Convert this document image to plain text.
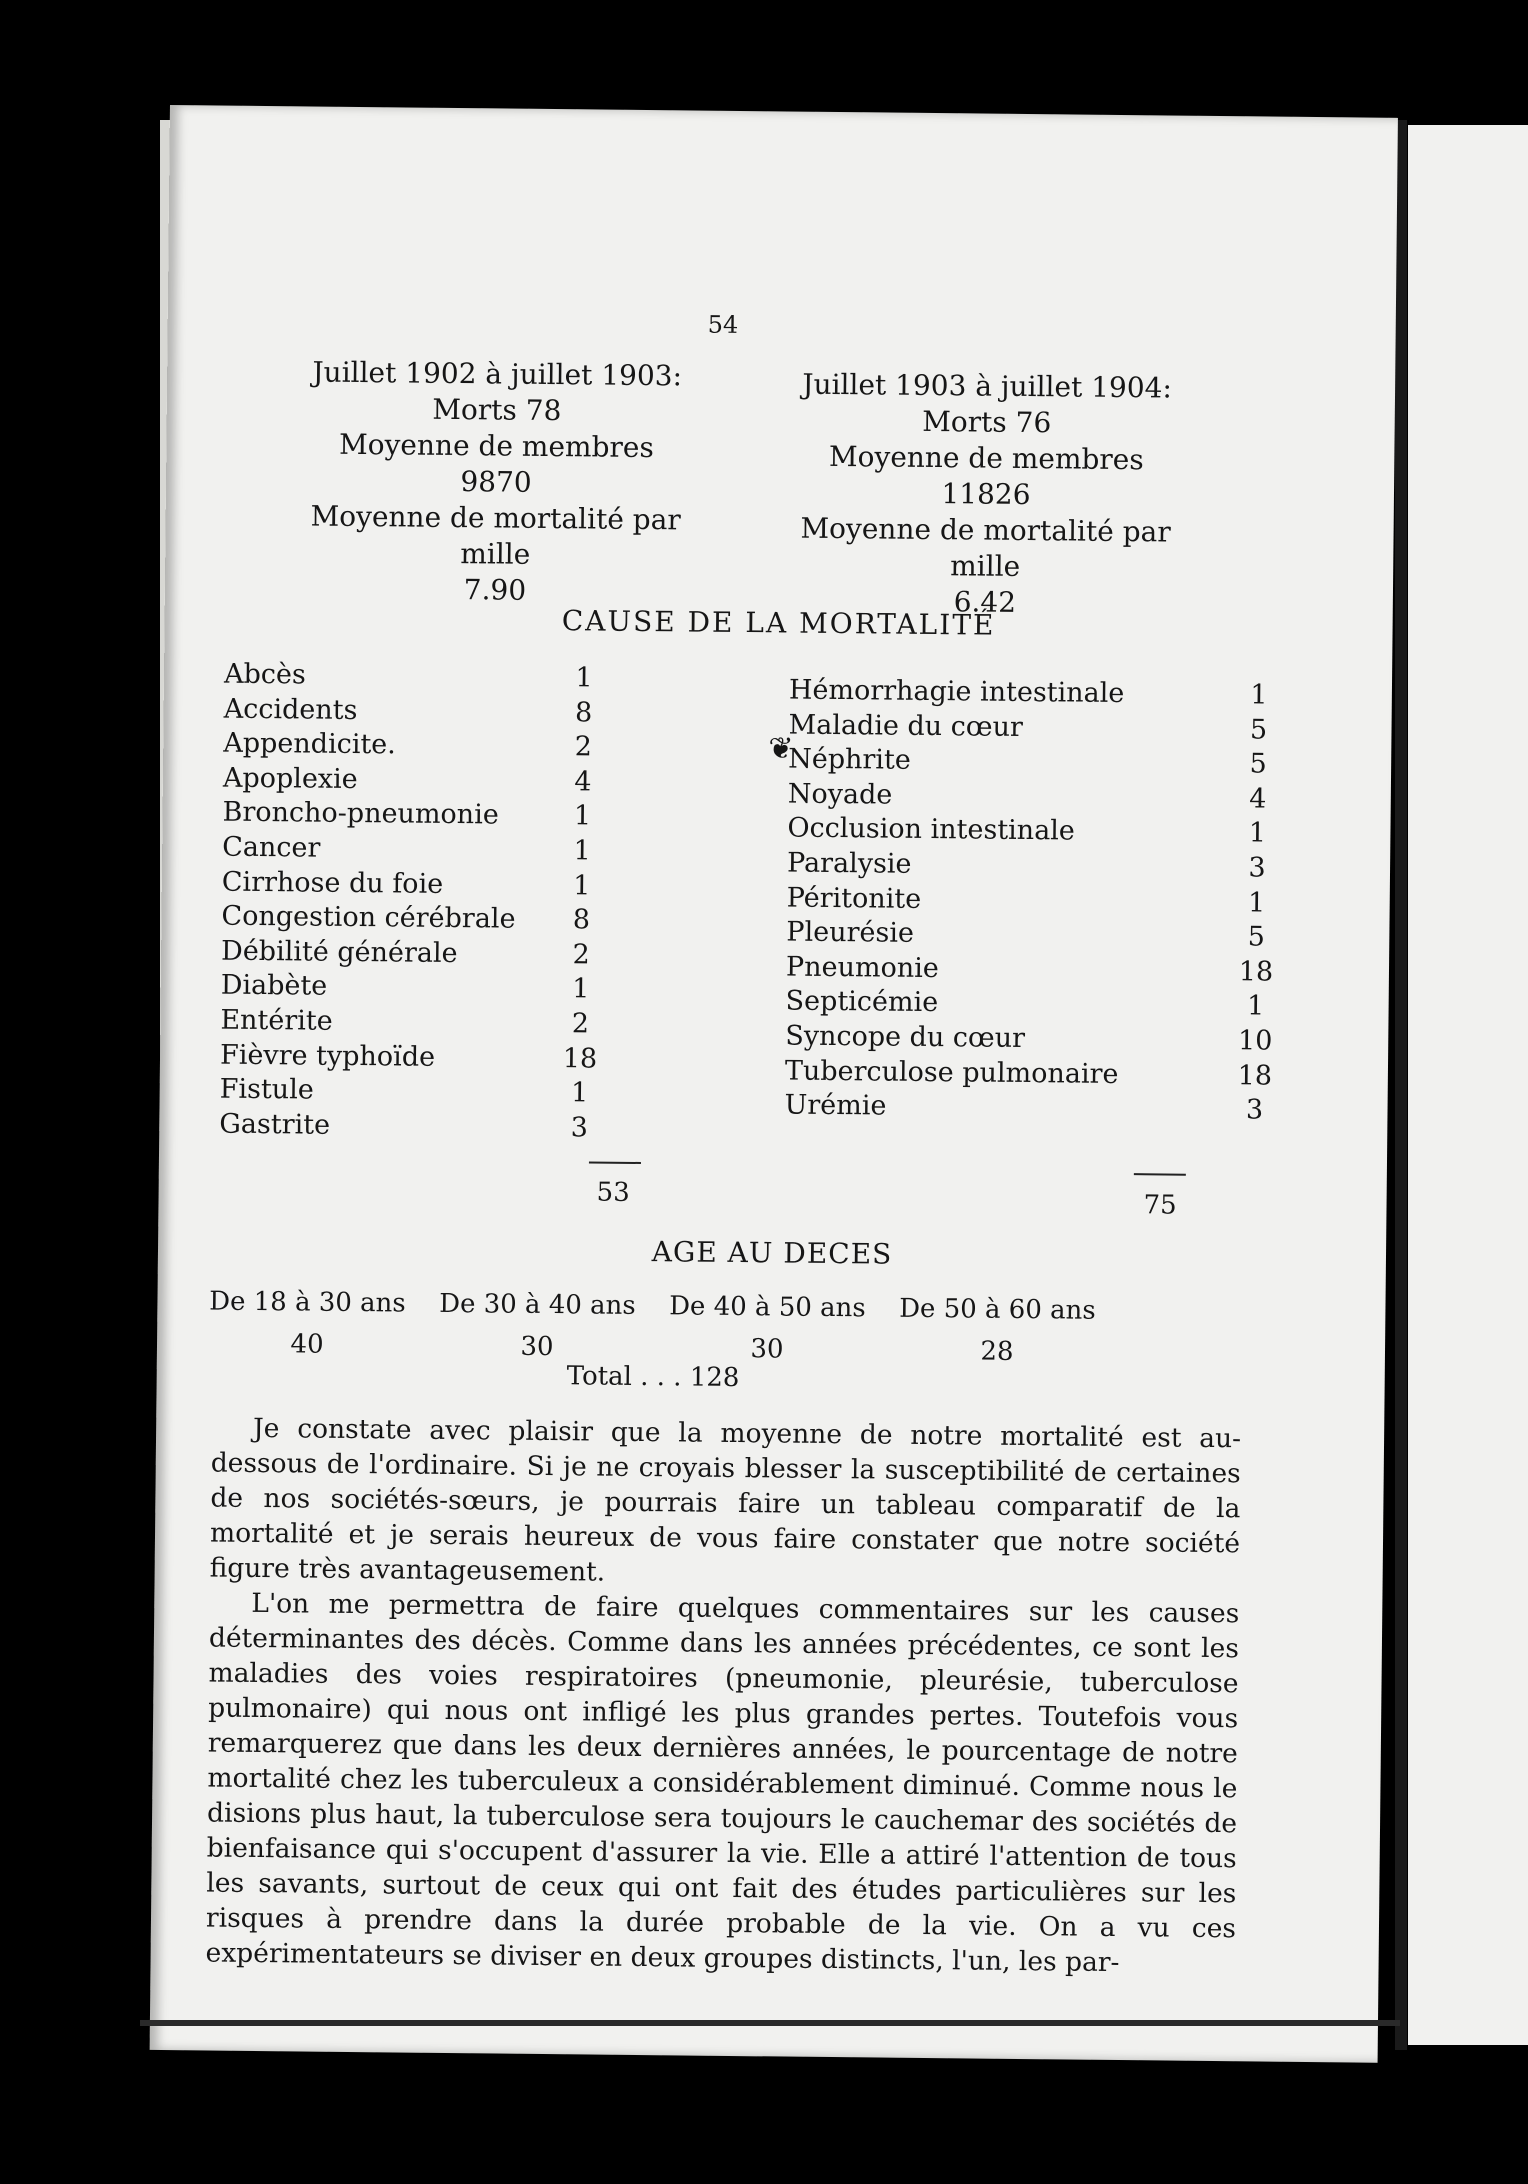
54
Juillet 1902 à juillet 1903:
Morts 78
Moyenne de membres
9870
Moyenne de mortalité par mille
7.90
Juillet 1903 à juillet 1904:
Morts 76
Moyenne de membres
11826
Moyenne de mortalité par mille
6.42
CAUSE DE LA MORTALITÉ
❦
Abcès	1
Accidents	8
Appendicite.	2
Apoplexie	4
Broncho-pneumonie	1
Cancer	1
Cirrhose du foie	1
Congestion cérébrale	8
Débilité générale	2
Diabète	1
Entérite	2
Fièvre typhoïde	18
Fistule	1
Gastrite	3
Hémorrhagie intestinale	1
Maladie du cœur	5
Néphrite	5
Noyade	4
Occlusion intestinale	1
Paralysie	3
Péritonite	1
Pleurésie	5
Pneumonie	18
Septicémie	1
Syncope du cœur	10
Tuberculose pulmonaire	18
Urémie	3
53	75
AGE AU DECES
De 18 à 30 ans
40
De 30 à 40 ans
30
De 40 à 50 ans
30
De 50 à 60 ans
28
Total . . . 128

Je constate avec plaisir que la moyenne de notre mortalité est au-dessous de l'ordinaire. Si je ne croyais blesser la susceptibilité de certaines de nos sociétés-sœurs, je pourrais faire un tableau comparatif de la mortalité et je serais heureux de vous faire constater que notre société figure très avantageusement.

L'on me permettra de faire quelques commentaires sur les causes déterminantes des décès. Comme dans les années précédentes, ce sont les maladies des voies respiratoires (pneumonie, pleurésie, tuberculose pulmonaire) qui nous ont infligé les plus grandes pertes. Toutefois vous remarquerez que dans les deux dernières années, le pourcentage de notre mortalité chez les tuberculeux a considérablement diminué. Comme nous le disions plus haut, la tuberculose sera toujours le cauchemar des sociétés de bienfaisance qui s'occupent d'assurer la vie. Elle a attiré l'attention de tous les savants, surtout de ceux qui ont fait des études particulières sur les risques à prendre dans la durée probable de la vie. On a vu ces expérimentateurs se diviser en deux groupes distincts, l'un, les par-
